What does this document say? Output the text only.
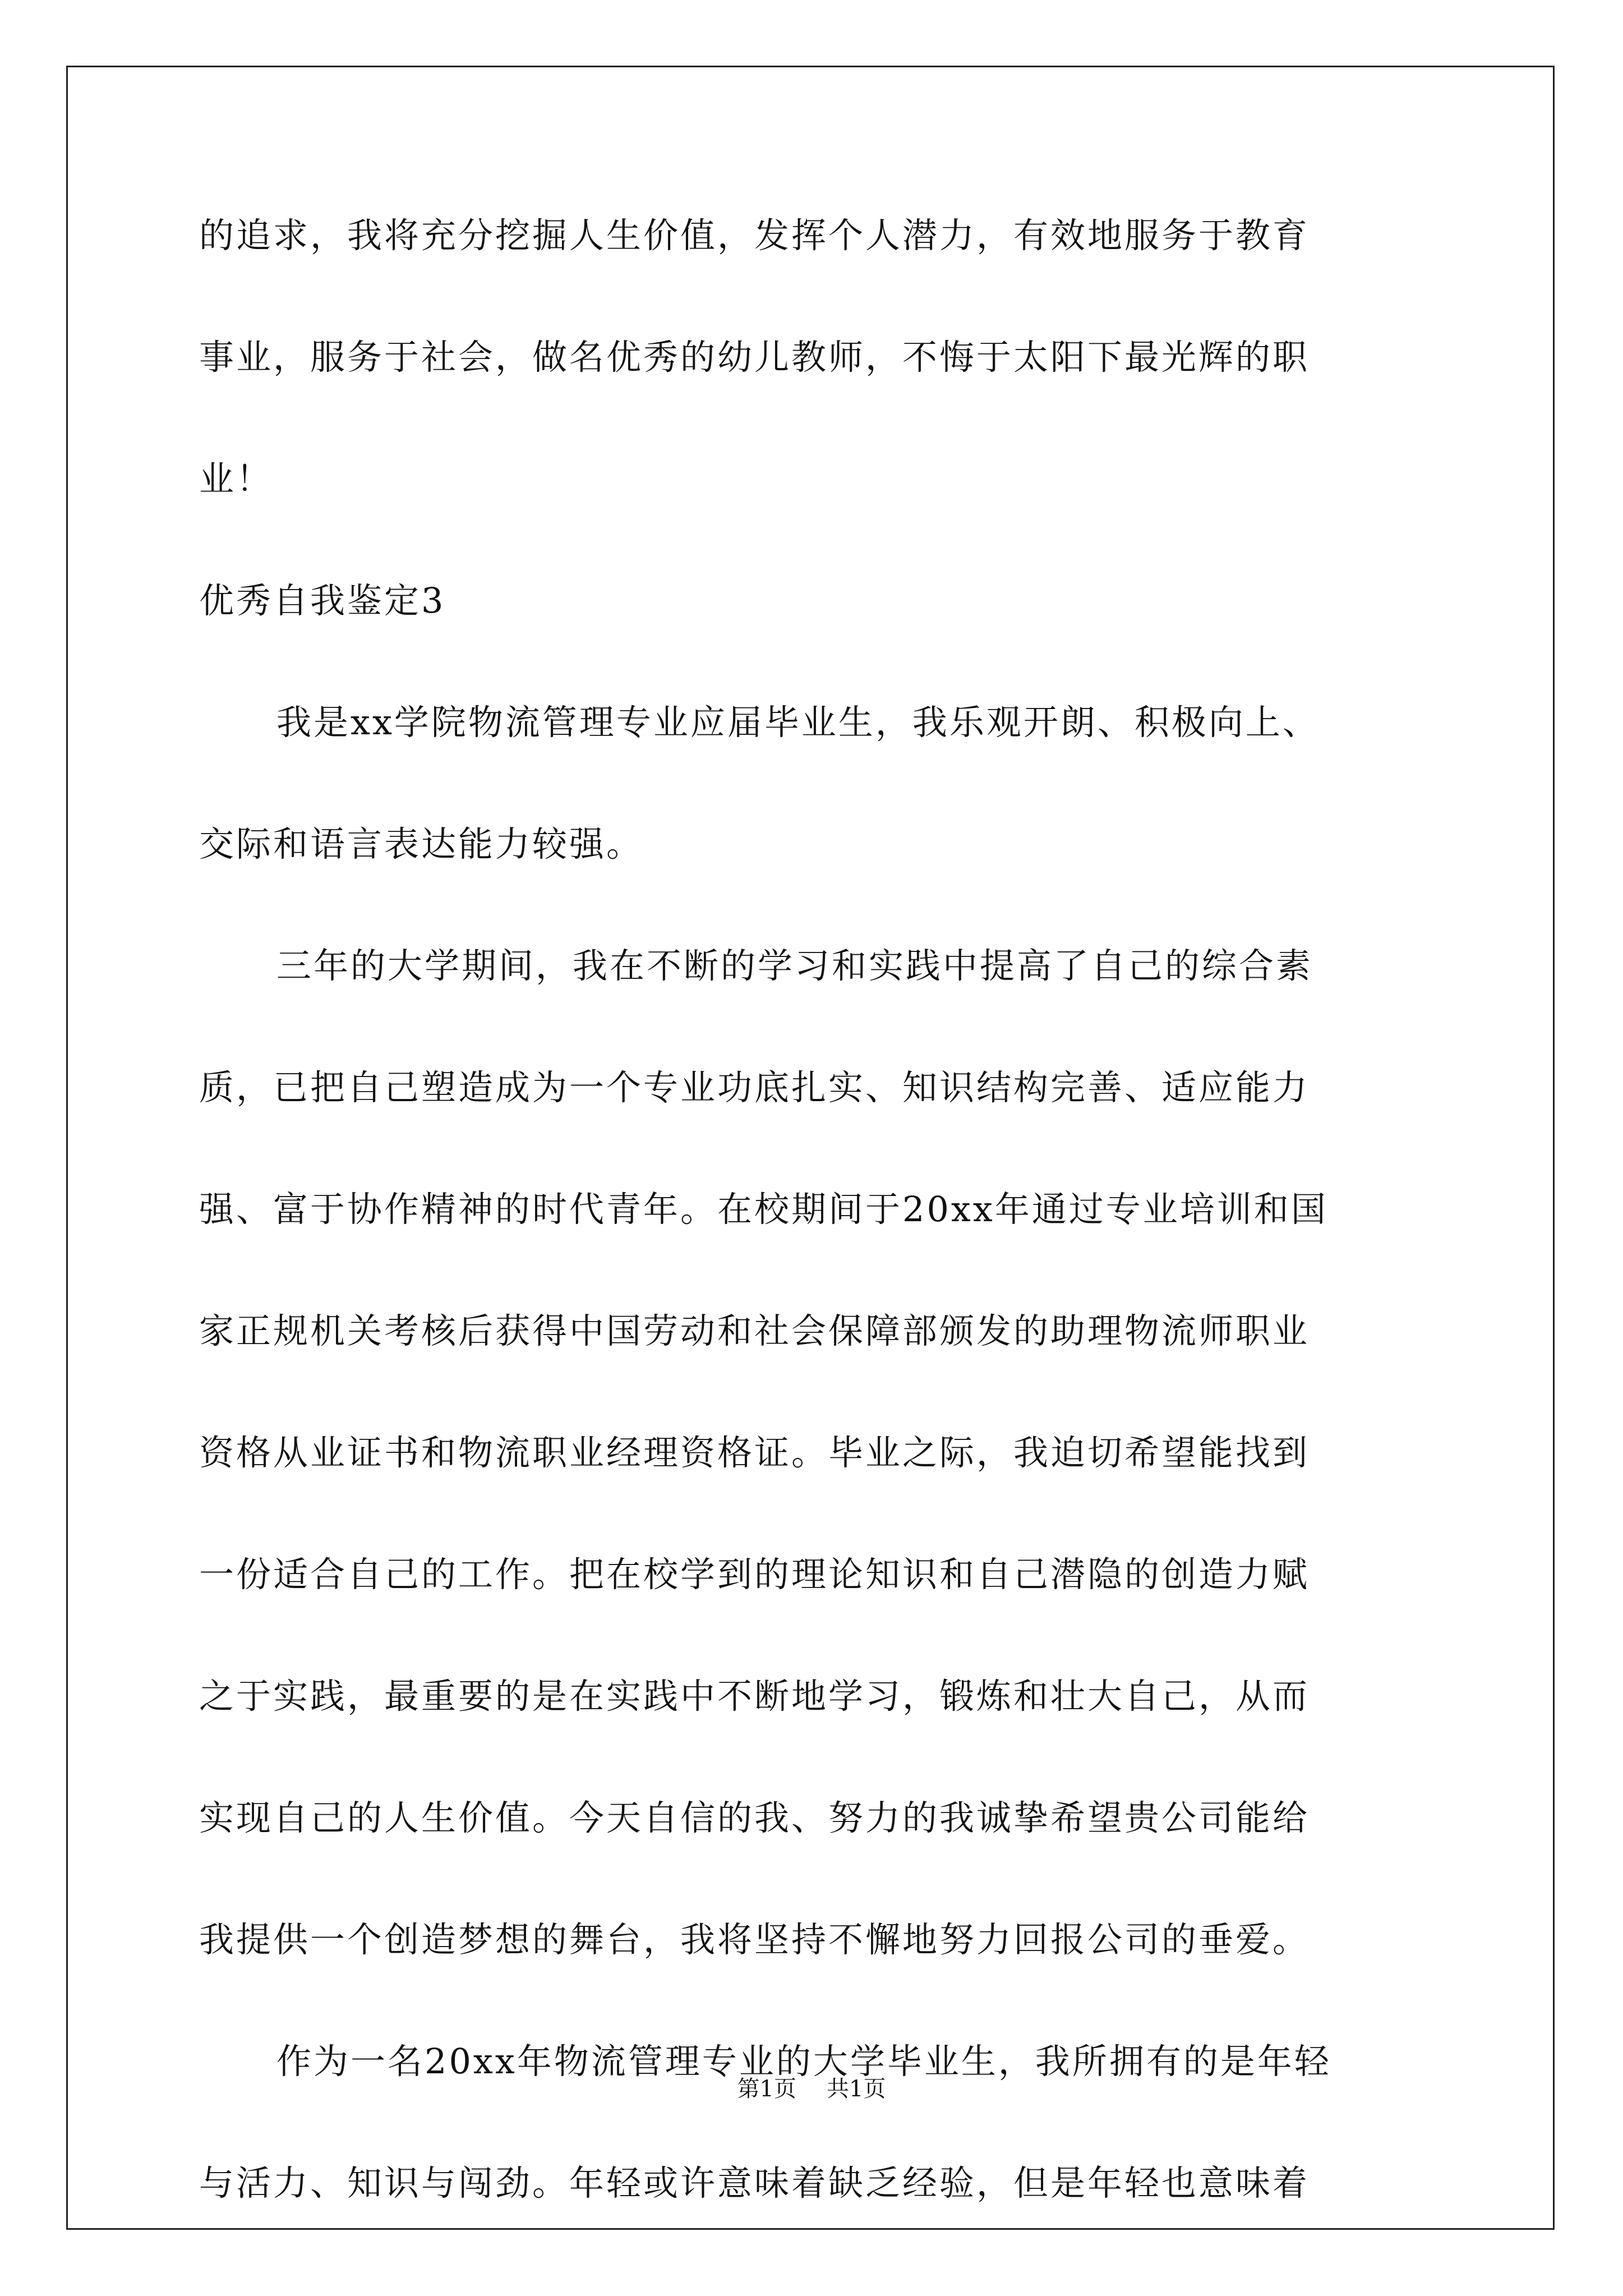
的追求，我将充分挖掘人生价值，发挥个人潜力，有效地服务于教育
事业，服务于社会，做名优秀的幼儿教师，不悔于太阳下最光辉的职
业！
优秀自我鉴定3
我是xx学院物流管理专业应届毕业生，我乐观开朗、积极向上、
交际和语言表达能力较强。
三年的大学期间，我在不断的学习和实践中提高了自己的综合素
质，已把自己塑造成为一个专业功底扎实、知识结构完善、适应能力
强、富于协作精神的时代青年。在校期间于20xx年通过专业培训和国
家正规机关考核后获得中国劳动和社会保障部颁发的助理物流师职业
资格从业证书和物流职业经理资格证。毕业之际，我迫切希望能找到
一份适合自己的工作。把在校学到的理论知识和自己潜隐的创造力赋
之于实践，最重要的是在实践中不断地学习，锻炼和壮大自己，从而
实现自己的人生价值。今天自信的我、努力的我诚挚希望贵公司能给
我提供一个创造梦想的舞台，我将坚持不懈地努力回报公司的垂爱。
作为一名20xx年物流管理专业的大学毕业生，我所拥有的是年轻
与活力、知识与闯劲。年轻或许意味着缺乏经验，但是年轻也意味着
第1页 共1页
